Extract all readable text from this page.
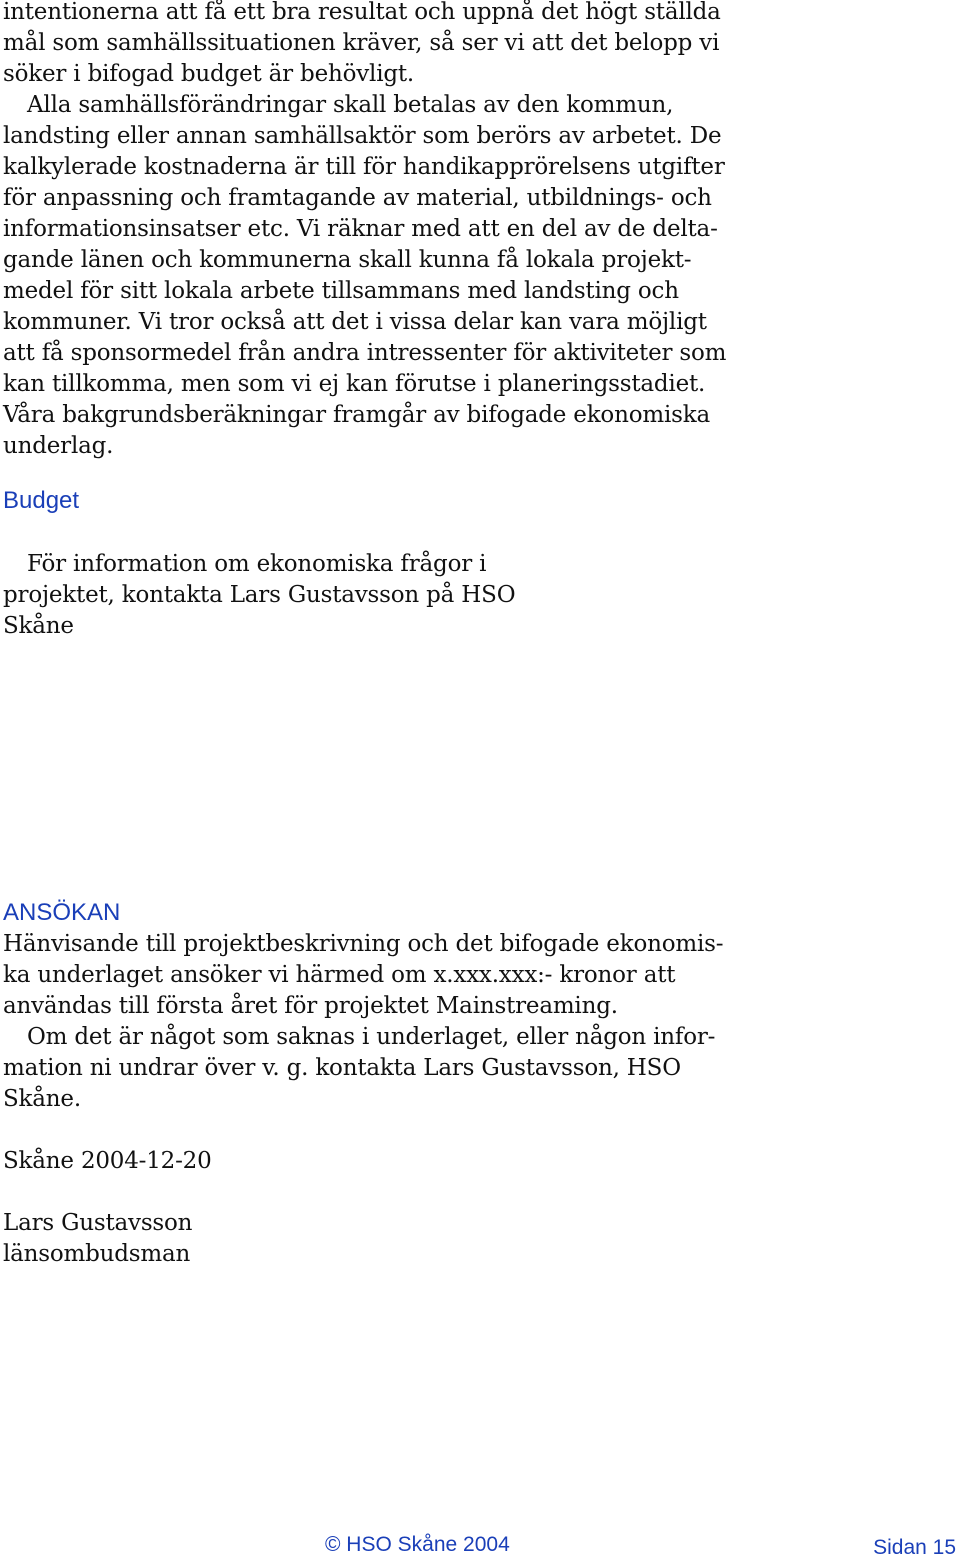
intentionerna att få ett bra resultat och uppnå det högt ställda
mål som samhällssituationen kräver, så ser vi att det belopp vi
söker i bifogad budget är behövligt.
Alla samhällsförändringar skall betalas av den kommun,
landsting eller annan samhällsaktör som berörs av arbetet. De
kalkylerade kostnaderna är till för handikapprörelsens utgifter
för anpassning och framtagande av material, utbildnings- och
informationsinsatser etc. Vi räknar med att en del av de delta-
gande länen och kommunerna skall kunna få lokala projekt-
medel för sitt lokala arbete tillsammans med landsting och
kommuner. Vi tror också att det i vissa delar kan vara möjligt
att få sponsormedel från andra intressenter för aktiviteter som
kan tillkomma, men som vi ej kan förutse i planeringsstadiet.
Våra bakgrundsberäkningar framgår av bifogade ekonomiska
underlag.
Budget
För information om ekonomiska frågor i
projektet, kontakta Lars Gustavsson på HSO
Skåne
ANSÖKAN
Hänvisande till projektbeskrivning och det bifogade ekonomis-
ka underlaget ansöker vi härmed om x.xxx.xxx:- kronor att
användas till första året för projektet Mainstreaming.
Om det är något som saknas i underlaget, eller någon infor-
mation ni undrar över v. g. kontakta Lars Gustavsson, HSO
Skåne.
Skåne 2004-12-20
Lars Gustavsson
länsombudsman
© HSO Skåne 2004	Sidan 15
